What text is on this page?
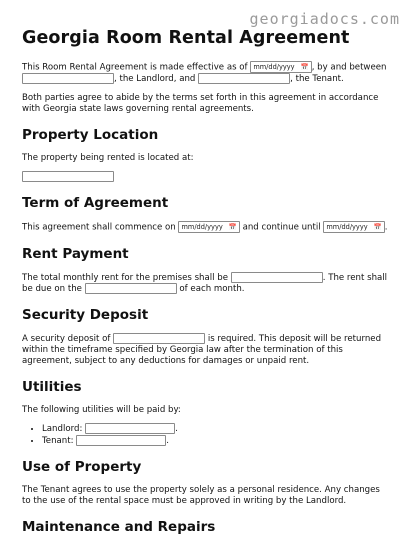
georgiadocs.com
Georgia Room Rental Agreement

This Room Rental Agreement is made effective as of mm/dd/yyyy 📅 , by and between , the Landlord, and	, the Tenant.

Both parties agree to abide by the terms set forth in this agreement in accordance with Georgia state laws governing rental agreements.

Property Location

The property being rented is located at:

Term of Agreement

This agreement shall commence on mm/dd/yyyy 📅 and continue until mm/dd/yyyy 📅 .

Rent Payment

The total monthly rent for the premises shall be	. The rent shall be due on the	of each month.

Security Deposit

A security deposit of	is required. This deposit will be returned within the timeframe specified by Georgia law after the termination of this agreement, subject to any deductions for damages or unpaid rent.

Utilities

The following utilities will be paid by:

• Landlord:	.
• Tenant:	.
Use of Property

The Tenant agrees to use the property solely as a personal residence. Any changes to the use of the rental space must be approved in writing by the Landlord.

Maintenance and Repairs
